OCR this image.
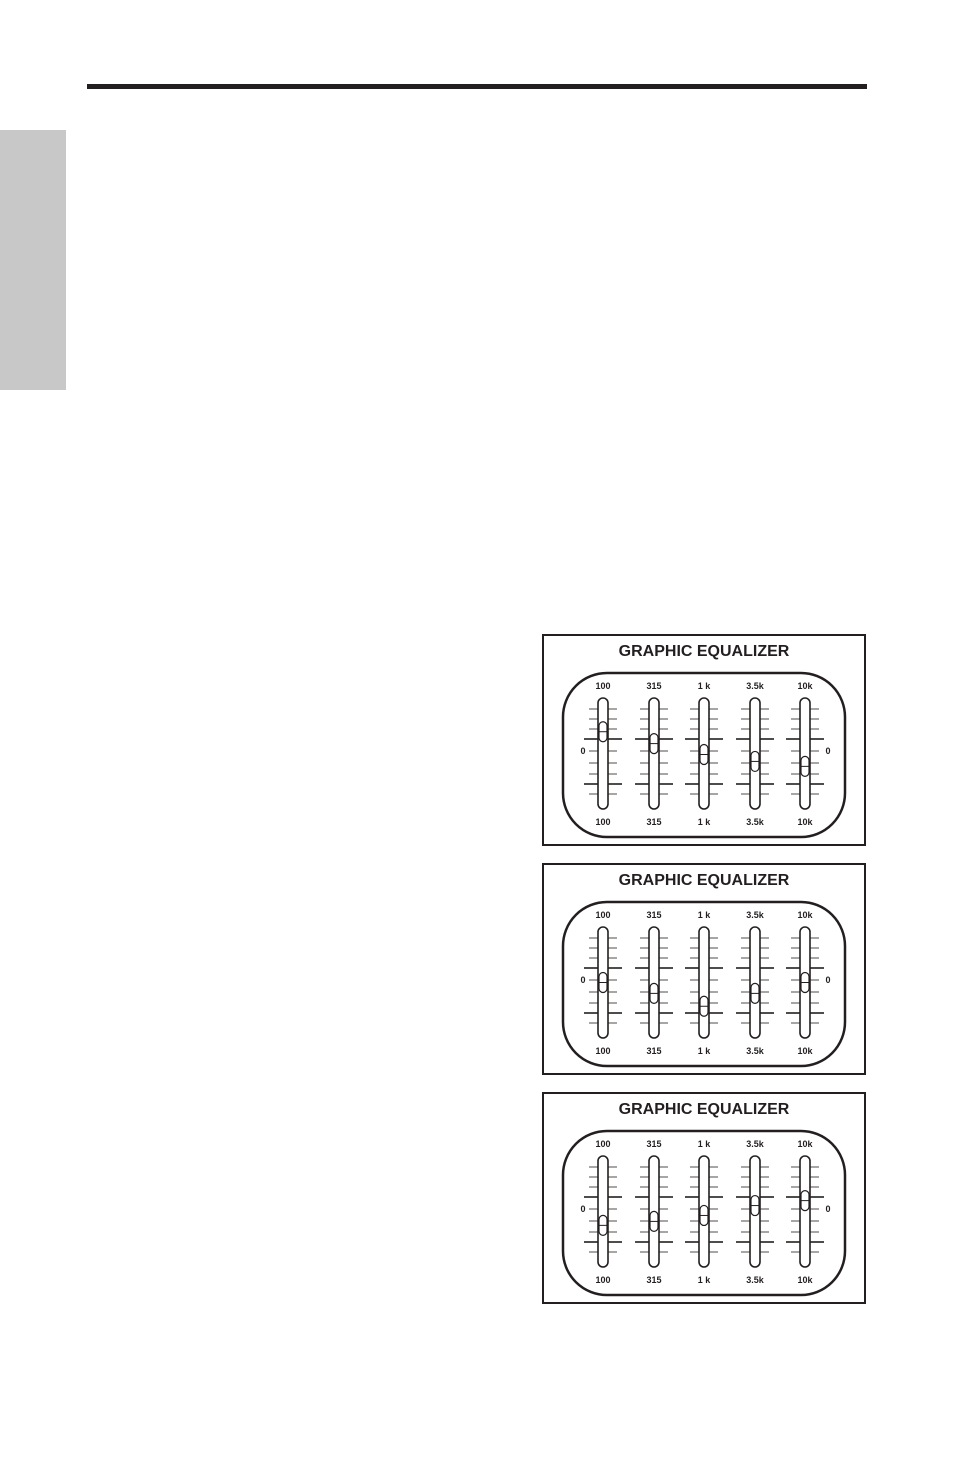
GRAPHIC EQUALIZER
100
100
315
315
1 k
1 k
3.5k
3.5k
10k
10k
0	0
GRAPHIC EQUALIZER
100
100
315
315
1 k
1 k
3.5k
3.5k
10k
10k
0	0
GRAPHIC EQUALIZER
100
100
315
315
1 k
1 k
3.5k
3.5k
10k
10k
0	0
